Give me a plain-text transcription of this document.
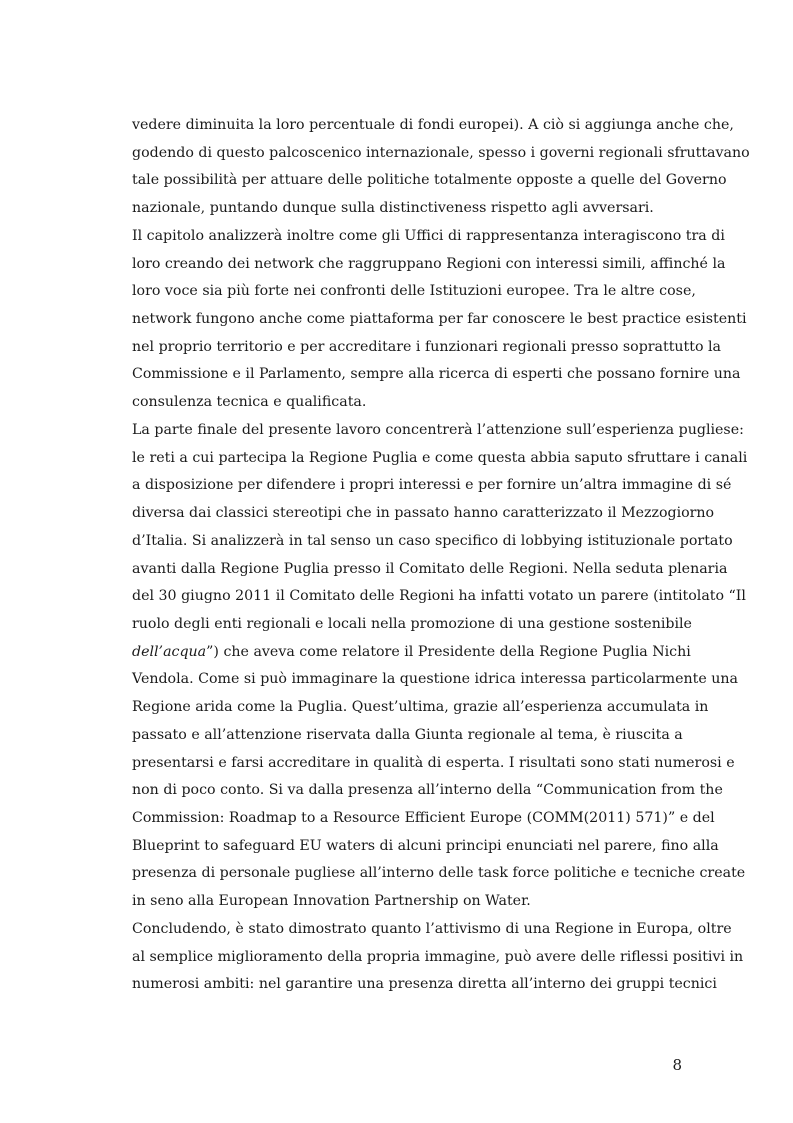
vedere diminuita la loro percentuale di fondi europei). A ciò si aggiunga anche che,
godendo di questo palcoscenico internazionale, spesso i governi regionali sfruttavano
tale possibilità per attuare delle politiche totalmente opposte a quelle del Governo
nazionale, puntando dunque sulla distinctiveness rispetto agli avversari.
Il capitolo analizzerà inoltre come gli Uffici di rappresentanza interagiscono tra di
loro creando dei network che raggruppano Regioni con interessi simili, affinché la
loro voce sia più forte nei confronti delle Istituzioni europee. Tra le altre cose,
network fungono anche come piattaforma per far conoscere le best practice esistenti
nel proprio territorio e per accreditare i funzionari regionali presso soprattutto la
Commissione e il Parlamento, sempre alla ricerca di esperti che possano fornire una
consulenza tecnica e qualificata.
La parte finale del presente lavoro concentrerà l’attenzione sull’esperienza pugliese:
le reti a cui partecipa la Regione Puglia e come questa abbia saputo sfruttare i canali
a disposizione per difendere i propri interessi e per fornire un’altra immagine di sé
diversa dai classici stereotipi che in passato hanno caratterizzato il Mezzogiorno
d’Italia. Si analizzerà in tal senso un caso specifico di lobbying istituzionale portato
avanti dalla Regione Puglia presso il Comitato delle Regioni. Nella seduta plenaria
del 30 giugno 2011 il Comitato delle Regioni ha infatti votato un parere (intitolato “Il
ruolo degli enti regionali e locali nella promozione di una gestione sostenibile
dell’acqua”) che aveva come relatore il Presidente della Regione Puglia Nichi
Vendola. Come si può immaginare la questione idrica interessa particolarmente una
Regione arida come la Puglia. Quest’ultima, grazie all’esperienza accumulata in
passato e all’attenzione riservata dalla Giunta regionale al tema, è riuscita a
presentarsi e farsi accreditare in qualità di esperta. I risultati sono stati numerosi e
non di poco conto. Si va dalla presenza all’interno della “Communication from the
Commission: Roadmap to a Resource Efficient Europe (COMM(2011) 571)” e del
Blueprint to safeguard EU waters di alcuni principi enunciati nel parere, fino alla
presenza di personale pugliese all’interno delle task force politiche e tecniche create
in seno alla European Innovation Partnership on Water.
Concludendo, è stato dimostrato quanto l’attivismo di una Regione in Europa, oltre
al semplice miglioramento della propria immagine, può avere delle riflessi positivi in
numerosi ambiti: nel garantire una presenza diretta all’interno dei gruppi tecnici
8
